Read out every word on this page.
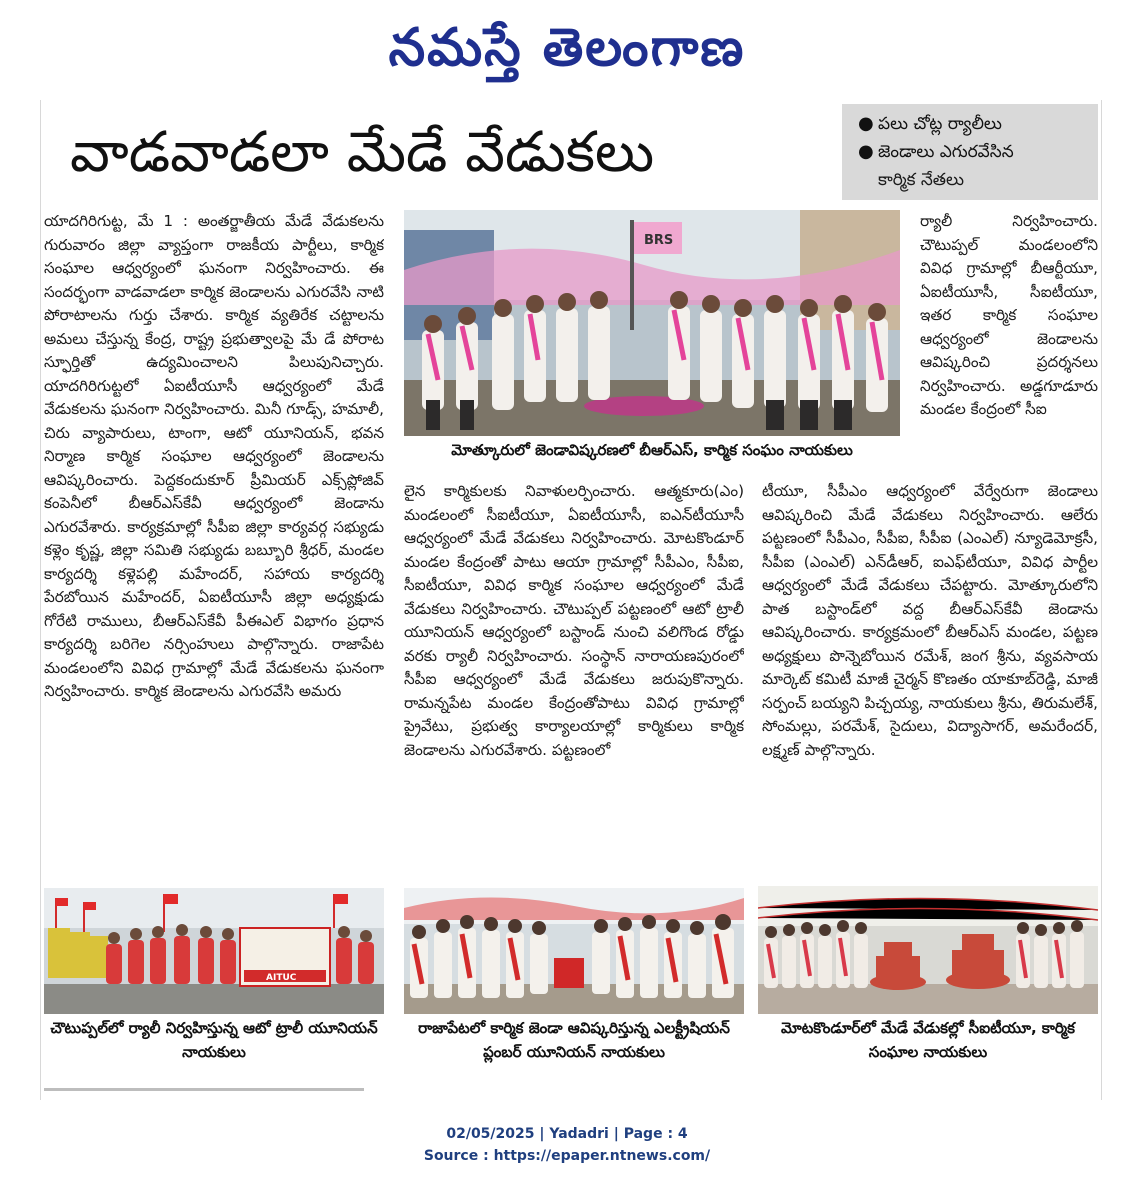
నమస్తే తెలంగాణ
వాడవాడలా మేడే వేడుకలు	● పలు చోట్ల ర్యాలీలు
● జెండాలు ఎగురవేసిన
కార్మిక నేతలు

యాదగిరిగుట్ట, మే 1 : అంతర్జాతీయ మేడే వేడుకలను గురువారం జిల్లా వ్యాప్తంగా రాజకీయ పార్టీలు, కార్మిక సంఘాల ఆధ్వర్యంలో ఘనంగా నిర్వహించారు. ఈ సందర్భంగా వాడవాడలా కార్మిక జెండాలను ఎగురవేసి నాటి పోరాటాలను గుర్తు చేశారు. కార్మిక వ్యతిరేక చట్టాలను అమలు చేస్తున్న కేంద్ర, రాష్ట్ర ప్రభుత్వాలపై మే డే పోరాట స్ఫూర్తితో ఉద్యమించాలని పిలుపునిచ్చారు. యాదగిరిగుట్టలో ఏఐటీయూసీ ఆధ్వర్యంలో మేడే వేడుకలను ఘనంగా నిర్వహించారు. మినీ గూడ్స్, హమాలీ, చిరు వ్యాపారులు, టాంగా, ఆటో యూనియన్, భవన నిర్మాణ కార్మిక సంఘాల ఆధ్వర్యంలో జెండాలను ఆవిష్కరించారు. పెద్దకందుకూర్ ప్రీమియర్ ఎక్స్‌ప్లోజివ్ కంపెనీలో బీఆర్ఎస్‌కేవీ ఆధ్వర్యంలో జెండాను ఎగురవేశారు. కార్యక్రమాల్లో సీపీఐ జిల్లా కార్యవర్గ సభ్యుడు కళ్లెం కృష్ణ, జిల్లా సమితి సభ్యుడు బబ్బూరి శ్రీధర్, మండల కార్యదర్శి కళ్లెపల్లి మహేందర్, సహాయ కార్యదర్శి పేరబోయిన మహేందర్, ఏఐటీయూసీ జిల్లా అధ్యక్షుడు గోరేటి రాములు, బీఆర్ఎస్‌కేవీ పీఈఎల్ విభాగం ప్రధాన కార్యదర్శి బరిగెల నర్సింహులు పాల్గొన్నారు. రాజాపేట మండలంలోని వివిధ గ్రామాల్లో మేడే వేడుకలను ఘనంగా నిర్వహించారు. కార్మిక జెండాలను ఎగురవేసి అమరు

BRS
మోత్కూరులో జెండావిష్కరణలో బీఆర్ఎస్, కార్మిక సంఘం నాయకులు

లైన కార్మికులకు నివాళులర్పించారు. ఆత్మకూరు(ఎం) మండలంలో సీఐటీయూ, ఏఐటీయూసీ, ఐఎన్‌టీయూసీ ఆధ్వర్యంలో మేడే వేడుకలు నిర్వహించారు. మోటకొండూర్ మండల కేంద్రంతో పాటు ఆయా గ్రామాల్లో సీపీఎం, సీపీఐ, సీఐటీయూ, వివిధ కార్మిక సంఘాల ఆధ్వర్యంలో మేడే వేడుకలు నిర్వహించారు. చౌటుప్పల్ పట్టణంలో ఆటో ట్రాలీ యూనియన్ ఆధ్వర్యంలో బస్టాండ్ నుంచి వలిగొండ రోడ్డు వరకు ర్యాలీ నిర్వహించారు. సంస్థాన్ నారాయణపురంలో సీపీఐ ఆధ్వర్యంలో మేడే వేడుకలు జరుపుకొన్నారు. రామన్నపేట మండల కేంద్రంతోపాటు వివిధ గ్రామాల్లో ప్రైవేటు, ప్రభుత్వ కార్యాలయాల్లో కార్మికులు కార్మిక జెండాలను ఎగురవేశారు. పట్టణంలో

ర్యాలీ నిర్వహించారు. చౌటుప్పల్ మండలంలోని వివిధ గ్రామాల్లో బీఆర్టీయూ, ఏఐటీయూసీ, సీఐటీయూ, ఇతర కార్మిక సంఘాల ఆధ్వర్యంలో జెండాలను ఆవిష్కరించి ప్రదర్శనలు నిర్వహించారు. అడ్డగూడూరు మండల కేంద్రంలో సీఐ

టీయూ, సీపీఎం ఆధ్వర్యంలో వేర్వేరుగా జెండాలు ఆవిష్కరించి మేడే వేడుకలు నిర్వహించారు. ఆలేరు పట్టణంలో సీపీఎం, సీపీఐ, సీపీఐ (ఎంఎల్) న్యూడెమోక్రసీ, సీపీఐ (ఎంఎల్) ఎన్‌డీఆర్, ఐఎఫ్‌టీయూ, వివిధ పార్టీల ఆధ్వర్యంలో మేడే వేడుకలు చేపట్టారు. మోత్కూరులోని పాత బస్టాండ్‌లో వద్ద బీఆర్ఎస్‌కేవీ జెండాను ఆవిష్కరించారు. కార్యక్రమంలో బీఆర్ఎస్ మండల, పట్టణ అధ్యక్షులు పొన్నెబోయిన రమేశ్, జంగ శ్రీను, వ్యవసాయ మార్కెట్ కమిటీ మాజీ చైర్మన్ కొణతం యాకూబ్‌రెడ్డి, మాజీ సర్పంచ్ బయ్యని పిచ్చయ్య, నాయకులు శ్రీను, తిరుమలేశ్, సోంమల్లు, పరమేశ్, సైదులు, విద్యాసాగర్, అమరేందర్, లక్ష్మణ్ పాల్గొన్నారు.

AITUC
చౌటుప్పల్‌లో ర్యాలీ నిర్వహిస్తున్న ఆటో ట్రాలీ యూనియన్ నాయకులు
రాజాపేటలో కార్మిక జెండా ఆవిష్కరిస్తున్న ఎలక్ట్రీషియన్ ప్లంబర్ యూనియన్ నాయకులు
మోటకొండూర్‌లో మేడే వేడుకల్లో సీఐటీయూ, కార్మిక సంఘాల నాయకులు
02/05/2025 | Yadadri | Page : 4
Source : https://epaper.ntnews.com/
